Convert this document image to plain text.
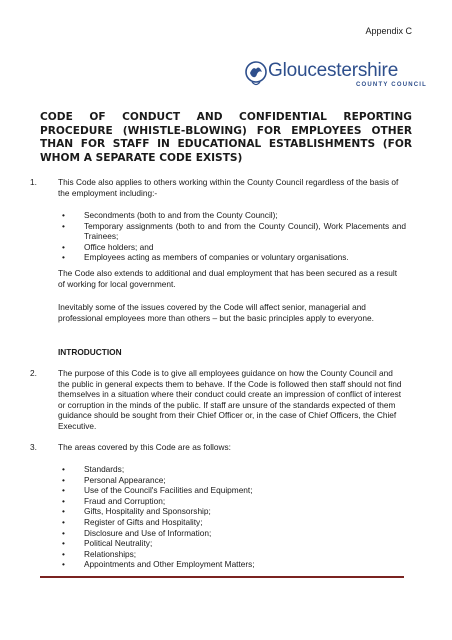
Appendix C
Gloucestershire
COUNTY COUNCIL
CODE OF CONDUCT AND CONFIDENTIAL REPORTING PROCEDURE (WHISTLE-BLOWING) FOR EMPLOYEES OTHER THAN FOR STAFF IN EDUCATIONAL ESTABLISHMENTS (FOR WHOM A SEPARATE CODE EXISTS)
1.	This Code also applies to others working within the County Council regardless of the basis of the employment including:-

• Secondments (both to and from the County Council);
• Temporary assignments (both to and from the County Council), Work Placements and Trainees;
• Office holders; and
• Employees acting as members of companies or voluntary organisations.

The Code also extends to additional and dual employment that has been secured as a result of working for local government.

Inevitably some of the issues covered by the Code will affect senior, managerial and professional employees more than others – but the basic principles apply to everyone.

INTRODUCTION
2.	The purpose of this Code is to give all employees guidance on how the County Council and the public in general expects them to behave. If the Code is followed then staff should not find themselves in a situation where their conduct could create an impression of conflict of interest or corruption in the minds of the public. If staff are unsure of the standards expected of them guidance should be sought from their Chief Officer or, in the case of Chief Officers, the Chief Executive.

3.	The areas covered by this Code are as follows:

• Standards;
• Personal Appearance;
• Use of the Council's Facilities and Equipment;
• Fraud and Corruption;
• Gifts, Hospitality and Sponsorship;
• Register of Gifts and Hospitality;
• Disclosure and Use of Information;
• Political Neutrality;
• Relationships;
• Appointments and Other Employment Matters;
